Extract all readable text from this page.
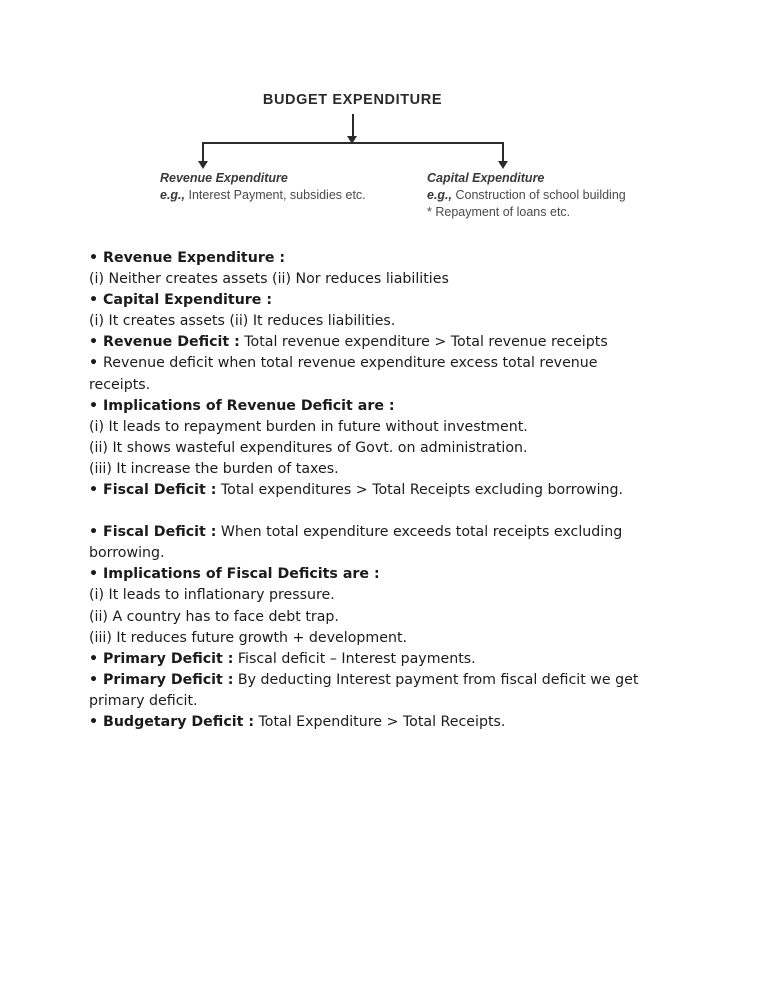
BUDGET EXPENDITURE
Revenue Expenditure
e.g., Interest Payment, subsidies etc.
Capital Expenditure
e.g., Construction of school building
* Repayment of loans etc.
• Revenue Expenditure :
(i) Neither creates assets (ii) Nor reduces liabilities
• Capital Expenditure :
(i) It creates assets (ii) It reduces liabilities.
• Revenue Deficit : Total revenue expenditure > Total revenue receipts
• Revenue deficit when total revenue expenditure excess total revenue receipts.
• Implications of Revenue Deficit are :
(i) It leads to repayment burden in future without investment.
(ii) It shows wasteful expenditures of Govt. on administration.
(iii) It increase the burden of taxes.
• Fiscal Deficit : Total expenditures > Total Receipts excluding borrowing.
• Fiscal Deficit : When total expenditure exceeds total receipts excluding borrowing.
• Implications of Fiscal Deficits are :
(i) It leads to inflationary pressure.
(ii) A country has to face debt trap.
(iii) It reduces future growth + development.
• Primary Deficit : Fiscal deficit – Interest payments.
• Primary Deficit : By deducting Interest payment from fiscal deficit we get primary deficit.
• Budgetary Deficit : Total Expenditure > Total Receipts.
